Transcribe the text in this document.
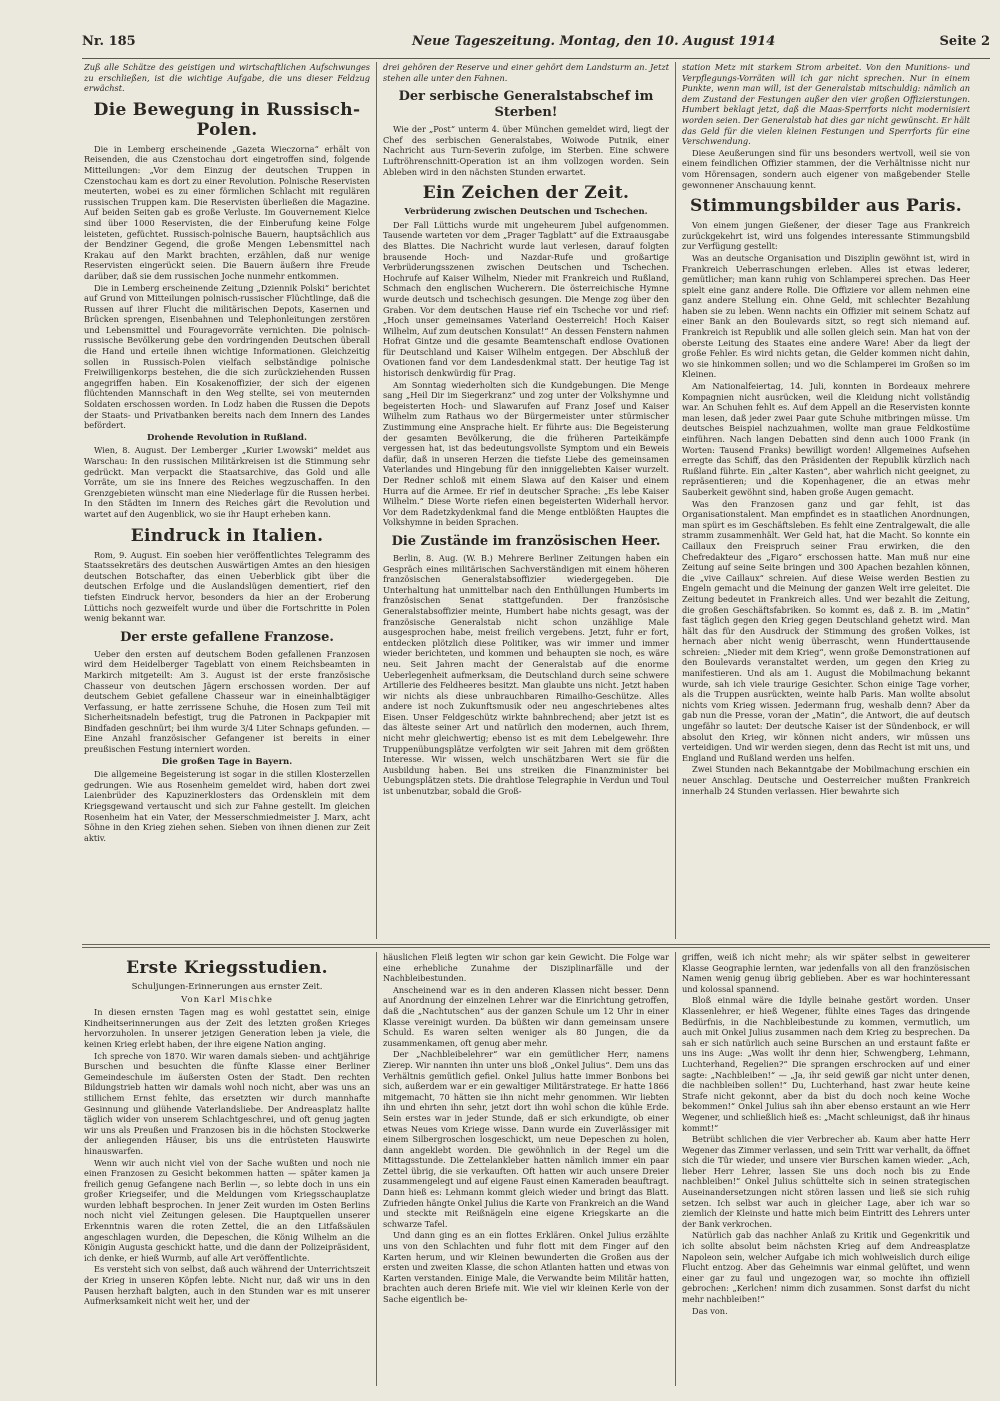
Nr. 185	Neue Tageszeitung. Montag, den 10. August 1914	Seite 2

Zuß alle Schätze des geistigen und wirtschaftlichen Aufschwunges zu erschließen, ist die wichtige Aufgabe, die uns dieser Feldzug erwächst.

Die Bewegung in Russisch-Polen.

Die in Lemberg erscheinende „Gazeta Wieczorna“ erhält von Reisenden, die aus Czenstochau dort eingetroffen sind, folgende Mitteilungen: „Vor dem Einzug der deutschen Truppen in Czenstochau kam es dort zu einer Revolution. Polnische Reservisten meuterten, wobei es zu einer förmlichen Schlacht mit regulären russischen Truppen kam. Die Reservisten überließen die Magazine. Auf beiden Seiten gab es große Verluste. Im Gouvernement Kielce sind über 1000 Reservisten, die der Einberufung keine Folge leisteten, gefüchtet. Russisch-polnische Bauern, hauptsächlich aus der Bendziner Gegend, die große Mengen Lebensmittel nach Krakau auf den Markt brachten, erzählen, daß nur wenige Reservisten eingerückt seien. Die Bauern äußern ihre Freude darüber, daß sie dem russischen Joche nunmehr entkommen.

Die in Lemberg erscheinende Zeitung „Dziennik Polski“ berichtet auf Grund von Mitteilungen polnisch-russischer Flüchtlinge, daß die Russen auf ihrer Flucht die militärischen Depots, Kasernen und Brücken sprengen, Eisenbahnen und Telephonleitungen zerstören und Lebensmittel und Fouragevorräte vernichten. Die polnisch-russische Bevölkerung gebe den vordringenden Deutschen überall die Hand und erteile ihnen wichtige Informationen. Gleichzeitig sollen in Russisch-Polen vielfach selbständige polnische Freiwilligenkorps bestehen, die die sich zurückziehenden Russen angegriffen haben. Ein Kosakenoffizier, der sich der eigenen flüchtenden Mannschaft in den Weg stellte, sei von meuternden Soldaten erschossen worden. In Lodz haben die Russen die Depots der Staats- und Privatbanken bereits nach dem Innern des Landes befördert.

Drohende Revolution in Rußland.

Wien, 8. August. Der Lemberger „Kurier Lwowski“ meldet aus Warschau: In den russischen Militärkreisen ist die Stimmung sehr gedrückt. Man verpackt die Staatsarchive, das Gold und alle Vorräte, um sie ins Innere des Reiches wegzuschaffen. In den Grenzgebieten wünscht man eine Niederlage für die Russen herbei. In den Städten im Innern des Reiches gärt die Revolution und wartet auf den Augenblick, wo sie ihr Haupt erheben kann.

Eindruck in Italien.

Rom, 9. August. Ein soeben hier veröffentlichtes Telegramm des Staatssekretärs des deutschen Auswärtigen Amtes an den hiesigen deutschen Botschafter, das einen Ueberblick gibt über die deutschen Erfolge und die Auslandslügen dementiert, rief den tiefsten Eindruck hervor, besonders da hier an der Eroberung Lüttichs noch gezweifelt wurde und über die Fortschritte in Polen wenig bekannt war.

Der erste gefallene Franzose.

Ueber den ersten auf deutschem Boden gefallenen Franzosen wird dem Heidelberger Tageblatt von einem Reichsbeamten in Markirch mitgeteilt: Am 3. August ist der erste französische Chasseur von deutschen Jägern erschossen worden. Der auf deutschem Gebiet gefallene Chasseur war in eineinhalbtägiger Verfassung, er hatte zerrissene Schuhe, die Hosen zum Teil mit Sicherheitsnadeln befestigt, trug die Patronen in Packpapier mit Bindfaden geschnürt; bei ihm wurde 3/4 Liter Schnaps gefunden. — Eine Anzahl französischer Gefangener ist bereits in einer preußischen Festung interniert worden.

Die großen Tage in Bayern.

Die allgemeine Begeisterung ist sogar in die stillen Klosterzellen gedrungen. Wie aus Rosenheim gemeldet wird, haben dort zwei Laienbrüder des Kapuzinerklosters das Ordensklein mit dem Kriegsgewand vertauscht und sich zur Fahne gestellt. Im gleichen Rosenheim hat ein Vater, der Messerschmiedmeister J. Marx, acht Söhne in den Krieg ziehen sehen. Sieben von ihnen dienen zur Zeit aktiv.

drei gehören der Reserve und einer gehört dem Landsturm an. Jetzt stehen alle unter den Fahnen.

Der serbische Generalstabschef im Sterben!

Wie der „Post“ unterm 4. über München gemeldet wird, liegt der Chef des serbischen Generalstabes, Woiwode Putnik, einer Nachricht aus Turn-Severin zufolge, im Sterben. Eine schwere Luftröhrenschnitt-Operation ist an ihm vollzogen worden. Sein Ableben wird in den nächsten Stunden erwartet.

Ein Zeichen der Zeit.
Verbrüderung zwischen Deutschen und Tschechen.

Der Fall Lüttichs wurde mit ungeheurem Jubel aufgenommen. Tausende warteten vor dem „Prager Tagblatt“ auf die Extraausgabe des Blattes. Die Nachricht wurde laut verlesen, darauf folgten brausende Hoch- und Nazdar-Rufe und großartige Verbrüderungsszenen zwischen Deutschen und Tschechen. Hochrufe auf Kaiser Wilhelm, Nieder mit Frankreich und Rußland, Schmach den englischen Wucherern. Die österreichische Hymne wurde deutsch und tschechisch gesungen. Die Menge zog über den Graben. Vor dem deutschen Hause rief ein Tscheche vor und rief: „Hoch unser gemeinsames Vaterland Oesterreich! Hoch Kaiser Wilhelm, Auf zum deutschen Konsulat!“ An dessen Fenstern nahmen Hofrat Gintze und die gesamte Beamtenschaft endlose Ovationen für Deutschland und Kaiser Wilhelm entgegen. Der Abschluß der Ovationen fand vor dem Landesdenkmal statt. Der heutige Tag ist historisch denkwürdig für Prag.

Am Sonntag wiederholten sich die Kundgebungen. Die Menge sang „Heil Dir im Siegerkranz“ und zog unter der Volkshymne und begeisterten Hoch- und Slawarufen auf Franz Josef und Kaiser Wilhelm zum Rathaus wo der Bürgermeister unter stürmischer Zustimmung eine Ansprache hielt. Er führte aus: Die Begeisterung der gesamten Bevölkerung, die die früheren Parteikämpfe vergessen hat, ist das bedeutungsvollste Symptom und ein Beweis dafür, daß in unseren Herzen die tiefste Liebe des gemeinsamen Vaterlandes und Hingebung für den inniggeliebten Kaiser wurzelt. Der Redner schloß mit einem Slawa auf den Kaiser und einem Hurra auf die Armee. Er rief in deutscher Sprache: „Es lebe Kaiser Wilhelm.“ Diese Worte riefen einen begeisterten Widerhall hervor. Vor dem Radetzkydenkmal fand die Menge entblößten Hauptes die Volkshymne in beiden Sprachen.

Die Zustände im französischen Heer.

Berlin, 8. Aug. (W. B.) Mehrere Berliner Zeitungen haben ein Gespräch eines militärischen Sachverständigen mit einem höheren französischen Generalstabsoffizier wiedergegeben. Die Unterhaltung hat unmittelbar nach den Enthüllungen Humberts im französischen Senat stattgefunden. Der französische Generalstabsoffizier meinte, Humbert habe nichts gesagt, was der französische Generalstab nicht schon unzählige Male ausgesprochen habe, meist freilich vergebens. Jetzt, fuhr er fort, entdecken plötzlich diese Politiker, was wir immer und immer wieder berichteten, und kommen und behaupten sie noch, es wäre neu. Seit Jahren macht der Generalstab auf die enorme Ueberlegenheit aufmerksam, die Deutschland durch seine schwere Artillerie des Feldheeres besitzt. Man glaubte uns nicht. Jetzt haben wir nichts als diese unbrauchbaren Rimailho-Geschütze. Alles andere ist noch Zukunftsmusik oder neu angeschriebenes altes Eisen. Unser Feldgeschütz wirkte bahnbrechend; aber jetzt ist es das älteste seiner Art und natürlich den modernen, auch Ihrem, nicht mehr gleichwertig; ebenso ist es mit dem Lebelgewehr. Ihre Truppenübungsplätze verfolgten wir seit Jahren mit dem größten Interesse. Wir wissen, welch unschätzbaren Wert sie für die Ausbildung haben. Bei uns streiken die Finanzminister bei Uebungsplätzen stets. Die drahtlose Telegraphie in Verdun und Toul ist unbenutzbar, sobald die Groß-

station Metz mit starkem Strom arbeitet. Von den Munitions- und Verpflegungs-Vorräten will ich gar nicht sprechen. Nur in einem Punkte, wenn man will, ist der Generalstab mitschuldig: nämlich an dem Zustand der Festungen außer den vier großen Offizierstungen. Humbert beklagt jetzt, daß die Maas-Sperrforts nicht modernisiert worden seien. Der Generalstab hat dies gar nicht gewünscht. Er hält das Geld für die vielen kleinen Festungen und Sperrforts für eine Verschwendung.

Diese Aeußerungen sind für uns besonders wertvoll, weil sie von einem feindlichen Offizier stammen, der die Verhältnisse nicht nur vom Hörensagen, sondern auch eigener von maßgebender Stelle gewonnener Anschauung kennt.

Stimmungsbilder aus Paris.

Von einem jungen Gießener, der dieser Tage aus Frankreich zurückgekehrt ist, wird uns folgendes interessante Stimmungsbild zur Verfügung gestellt:

Was an deutsche Organisation und Disziplin gewöhnt ist, wird in Frankreich Ueberraschungen erleben. Alles ist etwas lederer, gemütlicher; man kann ruhig von Schlamperei sprechen. Das Heer spielt eine ganz andere Rolle. Die Offiziere vor allem nehmen eine ganz andere Stellung ein. Ohne Geld, mit schlechter Bezahlung haben sie zu leben. Wenn nachts ein Offizier mit seinem Schatz auf einer Bank an den Boulevards sitzt, so regt sich niemand auf. Frankreich ist Republik und alle sollen gleich sein. Man hat von der oberste Leitung des Staates eine andere Ware! Aber da liegt der große Fehler. Es wird nichts getan, die Gelder kommen nicht dahin, wo sie hinkommen sollen; und wo die Schlamperei im Großen so im Kleinen.

Am Nationalfeiertag, 14. Juli, konnten in Bordeaux mehrere Kompagnien nicht ausrücken, weil die Kleidung nicht vollständig war. An Schuhen fehlt es. Auf dem Appell an die Reservisten konnte man lesen, daß jeder zwei Paar gute Schuhe mitbringen müsse. Um deutsches Beispiel nachzuahmen, wollte man graue Feldkostüme einführen. Nach langen Debatten sind denn auch 1000 Frank (in Worten: Tausend Franks) bewilligt worden! Allgemeines Aufsehen erregte das Schiff, das den Präsidenten der Republik kürzlich nach Rußland führte. Ein „alter Kasten“, aber wahrlich nicht geeignet, zu repräsentieren; und die Kopenhagener, die an etwas mehr Sauberkeit gewöhnt sind, haben große Augen gemacht.

Was den Franzosen ganz und gar fehlt, ist das Organisationstalent. Man empfindet es in staatlichen Anordnungen, man spürt es im Geschäftsleben. Es fehlt eine Zentralgewalt, die alle stramm zusammenhält. Wer Geld hat, hat die Macht. So konnte ein Caillaux den Freispruch seiner Frau erwirken, die den Chefredakteur des „Figaro“ erschossen hatte. Man muß nur eine Zeitung auf seine Seite bringen und 300 Apachen bezahlen können, die „vive Caillaux“ schreien. Auf diese Weise werden Bestien zu Engeln gemacht und die Meinung der ganzen Welt irre geleitet. Die Zeitung bedeutet in Frankreich alles. Und wer bezahlt die Zeitung, die großen Geschäftsfabriken. So kommt es, daß z. B. im „Matin“ fast täglich gegen den Krieg gegen Deutschland gehetzt wird. Man hält das für den Ausdruck der Stimmung des großen Volkes, ist hernach aber nicht wenig überrascht, wenn Hunderttausende schreien: „Nieder mit dem Krieg“, wenn große Demonstrationen auf den Boulevards veranstaltet werden, um gegen den Krieg zu manifestieren. Und als am 1. August die Mobilmachung bekannt wurde, sah ich viele traurige Gesichter. Schon einige Tage vorher, als die Truppen ausrückten, weinte halb Paris. Man wollte absolut nichts vom Krieg wissen. Jedermann frug, weshalb denn? Aber da gab nun die Presse, voran der „Matin“, die Antwort, die auf deutsch ungefähr so lautet: Der deutsche Kaiser ist der Sündenbock, er will absolut den Krieg, wir können nicht anders, wir müssen uns verteidigen. Und wir werden siegen, denn das Recht ist mit uns, und England und Rußland werden uns helfen.

Zwei Stunden nach Bekanntgabe der Mobilmachung erschien ein neuer Anschlag. Deutsche und Oesterreicher mußten Frankreich innerhalb 24 Stunden verlassen. Hier bewahrte sich

Erste Kriegsstudien.
Schuljungen-Erinnerungen aus ernster Zeit.
Von Karl Mischke

In diesen ernsten Tagen mag es wohl gestattet sein, einige Kindheitserinnerungen aus der Zeit des letzten großen Krieges hervorzuholen. In unserer jetzigen Generation leben ja viele, die keinen Krieg erlebt haben, der ihre eigene Nation anging.

Ich spreche von 1870. Wir waren damals sieben- und achtjährige Burschen und besuchten die fünfte Klasse einer Berliner Gemeindeschule im äußersten Osten der Stadt. Den rechten Bildungstrieb hatten wir damals wohl noch nicht, aber was uns an stillichem Ernst fehlte, das ersetzten wir durch mannhafte Gesinnung und glühende Vaterlandsliebe. Der Andreasplatz hallte täglich wider von unserem Schlachtgeschrei, und oft genug jagten wir uns als Preußen und Franzosen bis in die höchsten Stockwerke der anliegenden Häuser, bis uns die entrüsteten Hauswirte hinauswarfen.

Wenn wir auch nicht viel von der Sache wußten und noch nie einen Franzosen zu Gesicht bekommen hatten — später kamen ja freilich genug Gefangene nach Berlin —, so lebte doch in uns ein großer Kriegseifer, und die Meldungen vom Kriegsschauplatze wurden lebhaft besprochen. In jener Zeit wurden im Osten Berlins noch nicht viel Zeitungen gelesen. Die Hauptquellen unserer Erkenntnis waren die roten Zettel, die an den Litfaßsäulen angeschlagen wurden, die Depeschen, die König Wilhelm an die Königin Augusta geschickt hatte, und die dann der Polizeipräsident, ich denke, er hieß Wurmb, auf alle Art veröffentlichte.

Es versteht sich von selbst, daß auch während der Unterrichtszeit der Krieg in unseren Köpfen lebte. Nicht nur, daß wir uns in den Pausen herzhaft balgten, auch in den Stunden war es mit unserer Aufmerksamkeit nicht weit her, und der

häuslichen Fleiß legten wir schon gar kein Gewicht. Die Folge war eine erhebliche Zunahme der Disziplinarfälle und der Nachbleibestunden.

Anscheinend war es in den anderen Klassen nicht besser. Denn auf Anordnung der einzelnen Lehrer war die Einrichtung getroffen, daß die „Nachtutschen“ aus der ganzen Schule um 12 Uhr in einer Klasse vereinigt wurden. Da büßten wir dann gemeinsam unsere Schuld. Es waren selten weniger als 80 Jungen, die da zusammenkamen, oft genug aber mehr.

Der „Nachbleibelehrer“ war ein gemütlicher Herr, namens Zierep. Wir nannten ihn unter uns bloß „Onkel Julius“. Dem uns das Verhältnis gemütlich gefiel. Onkel Julius hatte immer Bonbons bei sich, außerdem war er ein gewaltiger Militärstratege. Er hatte 1866 mitgemacht, 70 hätten sie ihn nicht mehr genommen. Wir liebten ihn und ehrten ihn sehr, jetzt dort ihn wohl schon die kühle Erde. Sein erstes war in jeder Stunde, daß er sich erkundigte, ob einer etwas Neues vom Kriege wisse. Dann wurde ein Zuverlässiger mit einem Silbergroschen losgeschickt, um neue Depeschen zu holen, dann angeklebt worden. Die gewöhnlich in der Regel um die Mittagsstunde. Die Zettelankleber hatten nämlich immer ein paar Zettel übrig, die sie verkauften. Oft hatten wir auch unsere Dreier zusammengelegt und auf eigene Faust einen Kameraden beauftragt. Dann hieß es: Lehmann kommt gleich wieder und bringt das Blatt. Zufrieden hängte Onkel Julius die Karte von Frankreich an die Wand und steckte mit Reißnägeln eine eigene Kriegskarte an die schwarze Tafel.

Und dann ging es an ein flottes Erklären. Onkel Julius erzählte uns von den Schlachten und fuhr flott mit dem Finger auf den Karten herum, und wir Kleinen bewunderten die Großen aus der ersten und zweiten Klasse, die schon Atlanten hatten und etwas von Karten verstanden. Einige Male, die Verwandte beim Militär hatten, brachten auch deren Briefe mit. Wie viel wir kleinen Kerle von der Sache eigentlich be-

griffen, weiß ich nicht mehr; als wir später selbst in geweiterer Klasse Geographie lernten, war jedenfalls von all den französischen Namen wenig genug übrig geblieben. Aber es war hochinteressant und kolossal spannend.

Bloß einmal wäre die Idylle beinahe gestört worden. Unser Klassenlehrer, er hieß Wegener, fühlte eines Tages das dringende Bedürfnis, in die Nachbleibestunde zu kommen, vermutlich, um auch mit Onkel Julius zusammen nach dem Krieg zu besprechen. Da sah er sich natürlich auch seine Burschen an und erstaunt faßte er uns ins Auge: „Was wollt ihr denn hier, Schwengberg, Lehmann, Luchterhand, Regelien?“ Die sprangen erschrocken auf und einer sagte: „Nachbleiben!“ — „Ja, ihr seid gewiß gar nicht unter denen, die nachbleiben sollen!“ Du, Luchterhand, hast zwar heute keine Strafe nicht gekonnt, aber da bist du doch noch keine Woche bekommen!“ Onkel Julius sah ihn aber ebenso erstaunt an wie Herr Wegener, und schließlich hieß es: „Macht schleunigst, daß ihr hinaus kommt!“

Betrübt schlichen die vier Verbrecher ab. Kaum aber hatte Herr Wegener das Zimmer verlassen, und sein Tritt war verhallt, da öffnet sich die Tür wieder, und unsere vier Burschen kamen wieder. „Ach, lieber Herr Lehrer, lassen Sie uns doch noch bis zu Ende nachbleiben!“ Onkel Julius schüttelte sich in seinen strategischen Auseinandersetzungen nicht stören lassen und ließ sie sich ruhig setzen. Ich selbst war auch in gleicher Lage, aber ich war so ziemlich der Kleinste und hatte mich beim Eintritt des Lehrers unter der Bank verkrochen.

Natürlich gab das nachher Anlaß zu Kritik und Gegenkritik und ich sollte absolut beim nächsten Krieg auf dem Andreasplatze Napoleon sein, welcher Aufgabe ich mich wohlweislich durch eilige Flucht entzog. Aber das Geheimnis war einmal gelüftet, und wenn einer gar zu faul und ungezogen war, so mochte ihn offiziell gebrochen: „Kerlchen! nimm dich zusammen. Sonst darfst du nicht mehr nachbleiben!“

Das von.
